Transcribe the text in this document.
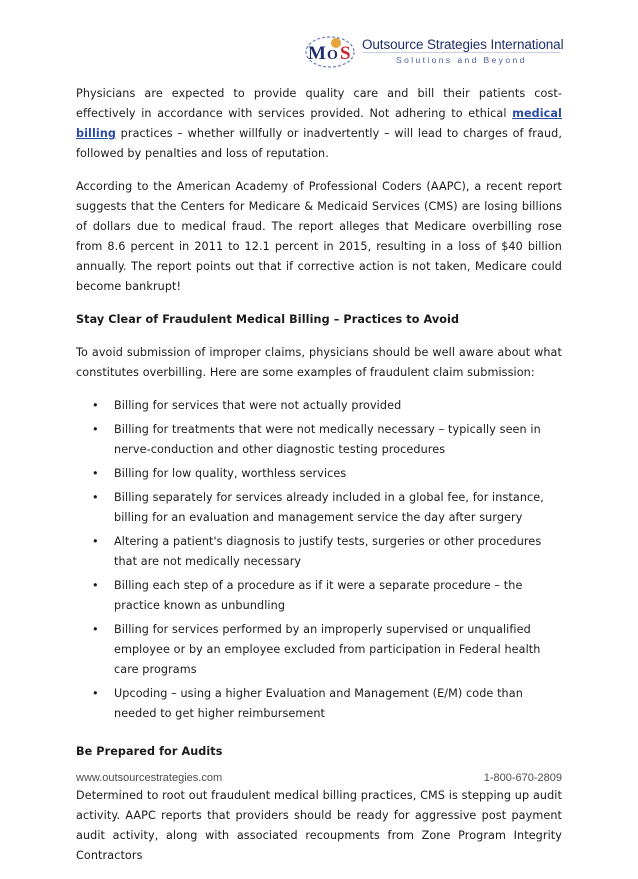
M S
O
Outsource Strategies International
Solutions and Beyond

Physicians are expected to provide quality care and bill their patients cost-effectively in accordance with services provided. Not adhering to ethical medical billing practices – whether willfully or inadvertently – will lead to charges of fraud, followed by penalties and loss of reputation.

According to the American Academy of Professional Coders (AAPC), a recent report suggests that the Centers for Medicare & Medicaid Services (CMS) are losing billions of dollars due to medical fraud. The report alleges that Medicare overbilling rose from 8.6 percent in 2011 to 12.1 percent in 2015, resulting in a loss of $40 billion annually. The report points out that if corrective action is not taken, Medicare could become bankrupt!

Stay Clear of Fraudulent Medical Billing – Practices to Avoid

To avoid submission of improper claims, physicians should be well aware about what constitutes overbilling. Here are some examples of fraudulent claim submission:

• Billing for services that were not actually provided
• Billing for treatments that were not medically necessary – typically seen in nerve-conduction and other diagnostic testing procedures
• Billing for low quality, worthless services
• Billing separately for services already included in a global fee, for instance, billing for an evaluation and management service the day after surgery
• Altering a patient's diagnosis to justify tests, surgeries or other procedures that are not medically necessary
• Billing each step of a procedure as if it were a separate procedure – the practice known as unbundling
• Billing for services performed by an improperly supervised or unqualified employee or by an employee excluded from participation in Federal health care programs
• Upcoding – using a higher Evaluation and Management (E/M) code than needed to get higher reimbursement
Be Prepared for Audits

Determined to root out fraudulent medical billing practices, CMS is stepping up audit activity. AAPC reports that providers should be ready for aggressive post payment audit activity, along with associated recoupments from Zone Program Integrity Contractors

www.outsourcestrategies.com	1-800-670-2809
